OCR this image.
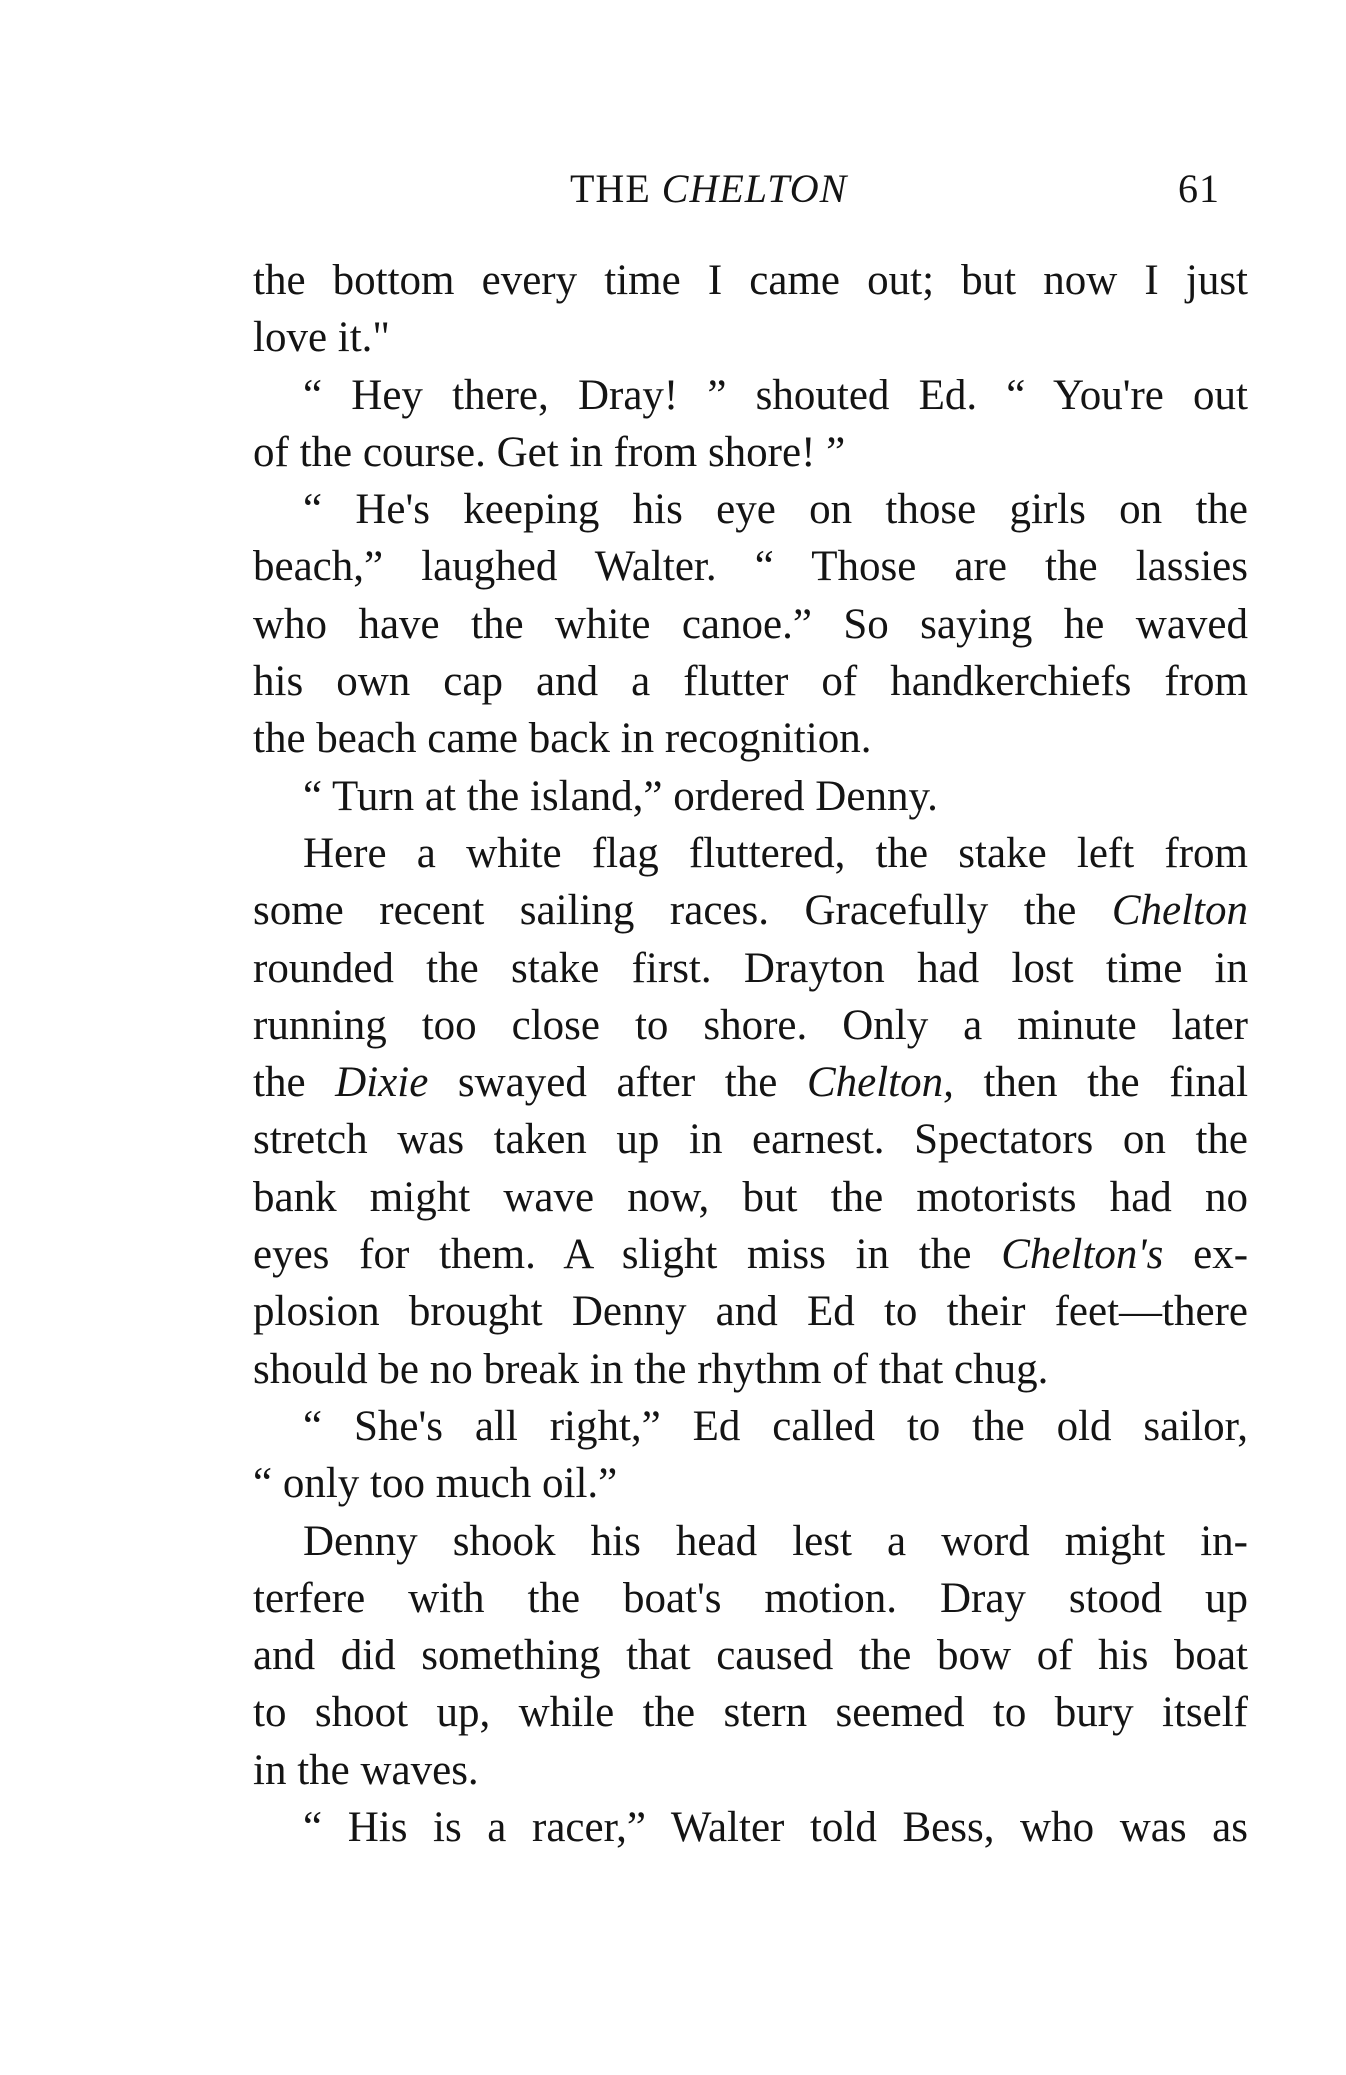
THE CHELTON	61
the bottom every time I came out; but now I just
love it."
“ Hey there, Dray! ” shouted Ed. “ You're out
of the course. Get in from shore! ”
“ He's keeping his eye on those girls on the
beach,” laughed Walter. “ Those are the lassies
who have the white canoe.” So saying he waved
his own cap and a flutter of handkerchiefs from
the beach came back in recognition.
“ Turn at the island,” ordered Denny.
Here a white flag fluttered, the stake left from
some recent sailing races. Gracefully the Chelton
rounded the stake first. Drayton had lost time in
running too close to shore. Only a minute later
the Dixie swayed after the Chelton, then the final
stretch was taken up in earnest. Spectators on the
bank might wave now, but the motorists had no
eyes for them. A slight miss in the Chelton's ex-
plosion brought Denny and Ed to their feet—there
should be no break in the rhythm of that chug.
“ She's all right,” Ed called to the old sailor,
“ only too much oil.”
Denny shook his head lest a word might in-
terfere with the boat's motion. Dray stood up
and did something that caused the bow of his boat
to shoot up, while the stern seemed to bury itself
in the waves.
“ His is a racer,” Walter told Bess, who was as
